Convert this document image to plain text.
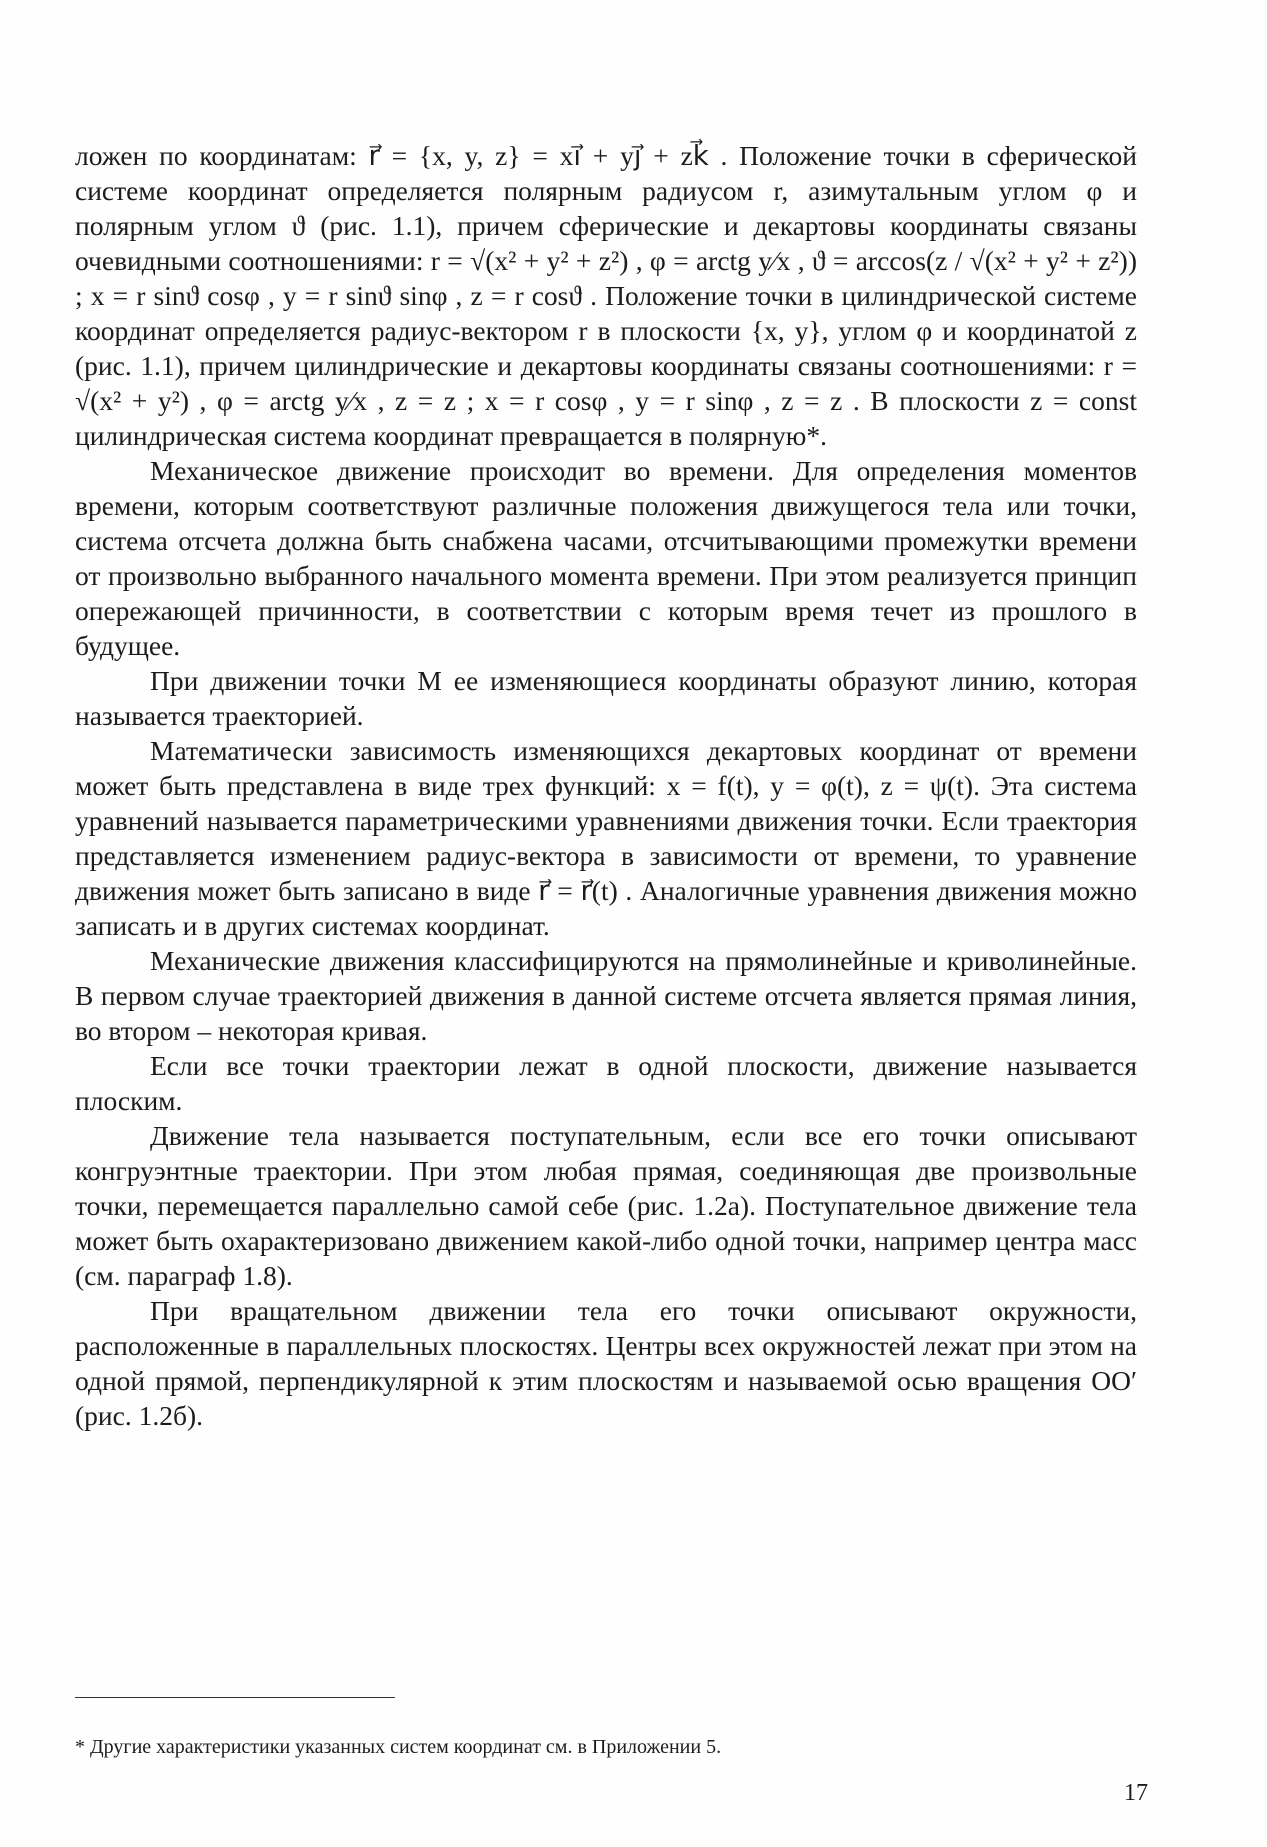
ложен по координатам: r⃗ = {x, y, z} = xi⃗ + yj⃗ + zk⃗ . Положение точки в сферической системе координат определяется полярным радиусом r, азимутальным углом φ и полярным углом ϑ (рис. 1.1), причем сферические и декартовы координаты связаны очевидными соотношениями: r = √(x² + y² + z²) , φ = arctg y⁄x , ϑ = arccos(z / √(x² + y² + z²)) ; x = r sinϑ cosφ , y = r sinϑ sinφ , z = r cosϑ . Положение точки в цилиндрической системе координат определяется радиус-вектором r в плоскости {x, y}, углом φ и координатой z (рис. 1.1), причем цилиндрические и декартовы координаты связаны соотношениями: r = √(x² + y²) , φ = arctg y⁄x , z = z ; x = r cosφ , y = r sinφ , z = z . В плоскости z = const цилиндрическая система координат превращается в полярную*.

Механическое движение происходит во времени. Для определения моментов времени, которым соответствуют различные положения движущегося тела или точки, система отсчета должна быть снабжена часами, отсчитывающими промежутки времени от произвольно выбранного начального момента времени. При этом реализуется принцип опережающей причинности, в соответствии с которым время течет из прошлого в будущее.

При движении точки M ее изменяющиеся координаты образуют линию, которая называется траекторией.

Математически зависимость изменяющихся декартовых координат от времени может быть представлена в виде трех функций: x = f(t), y = φ(t), z = ψ(t). Эта система уравнений называется параметрическими уравнениями движения точки. Если траектория представляется изменением радиус-вектора в зависимости от времени, то уравнение движения может быть записано в виде r⃗ = r⃗(t) . Аналогичные уравнения движения можно записать и в других системах координат.

Механические движения классифицируются на прямолинейные и криволинейные. В первом случае траекторией движения в данной системе отсчета является прямая линия, во втором – некоторая кривая.

Если все точки траектории лежат в одной плоскости, движение называется плоским.

Движение тела называется поступательным, если все его точки описывают конгруэнтные траектории. При этом любая прямая, соединяющая две произвольные точки, перемещается параллельно самой себе (рис. 1.2а). Поступательное движение тела может быть охарактеризовано движением какой-либо одной точки, например центра масс (см. параграф 1.8).

При вращательном движении тела его точки описывают окружности, расположенные в параллельных плоскостях. Центры всех окружностей лежат при этом на одной прямой, перпендикулярной к этим плоскостям и называемой осью вращения OO′ (рис. 1.2б).

* Другие характеристики указанных систем координат см. в Приложении 5.
17
